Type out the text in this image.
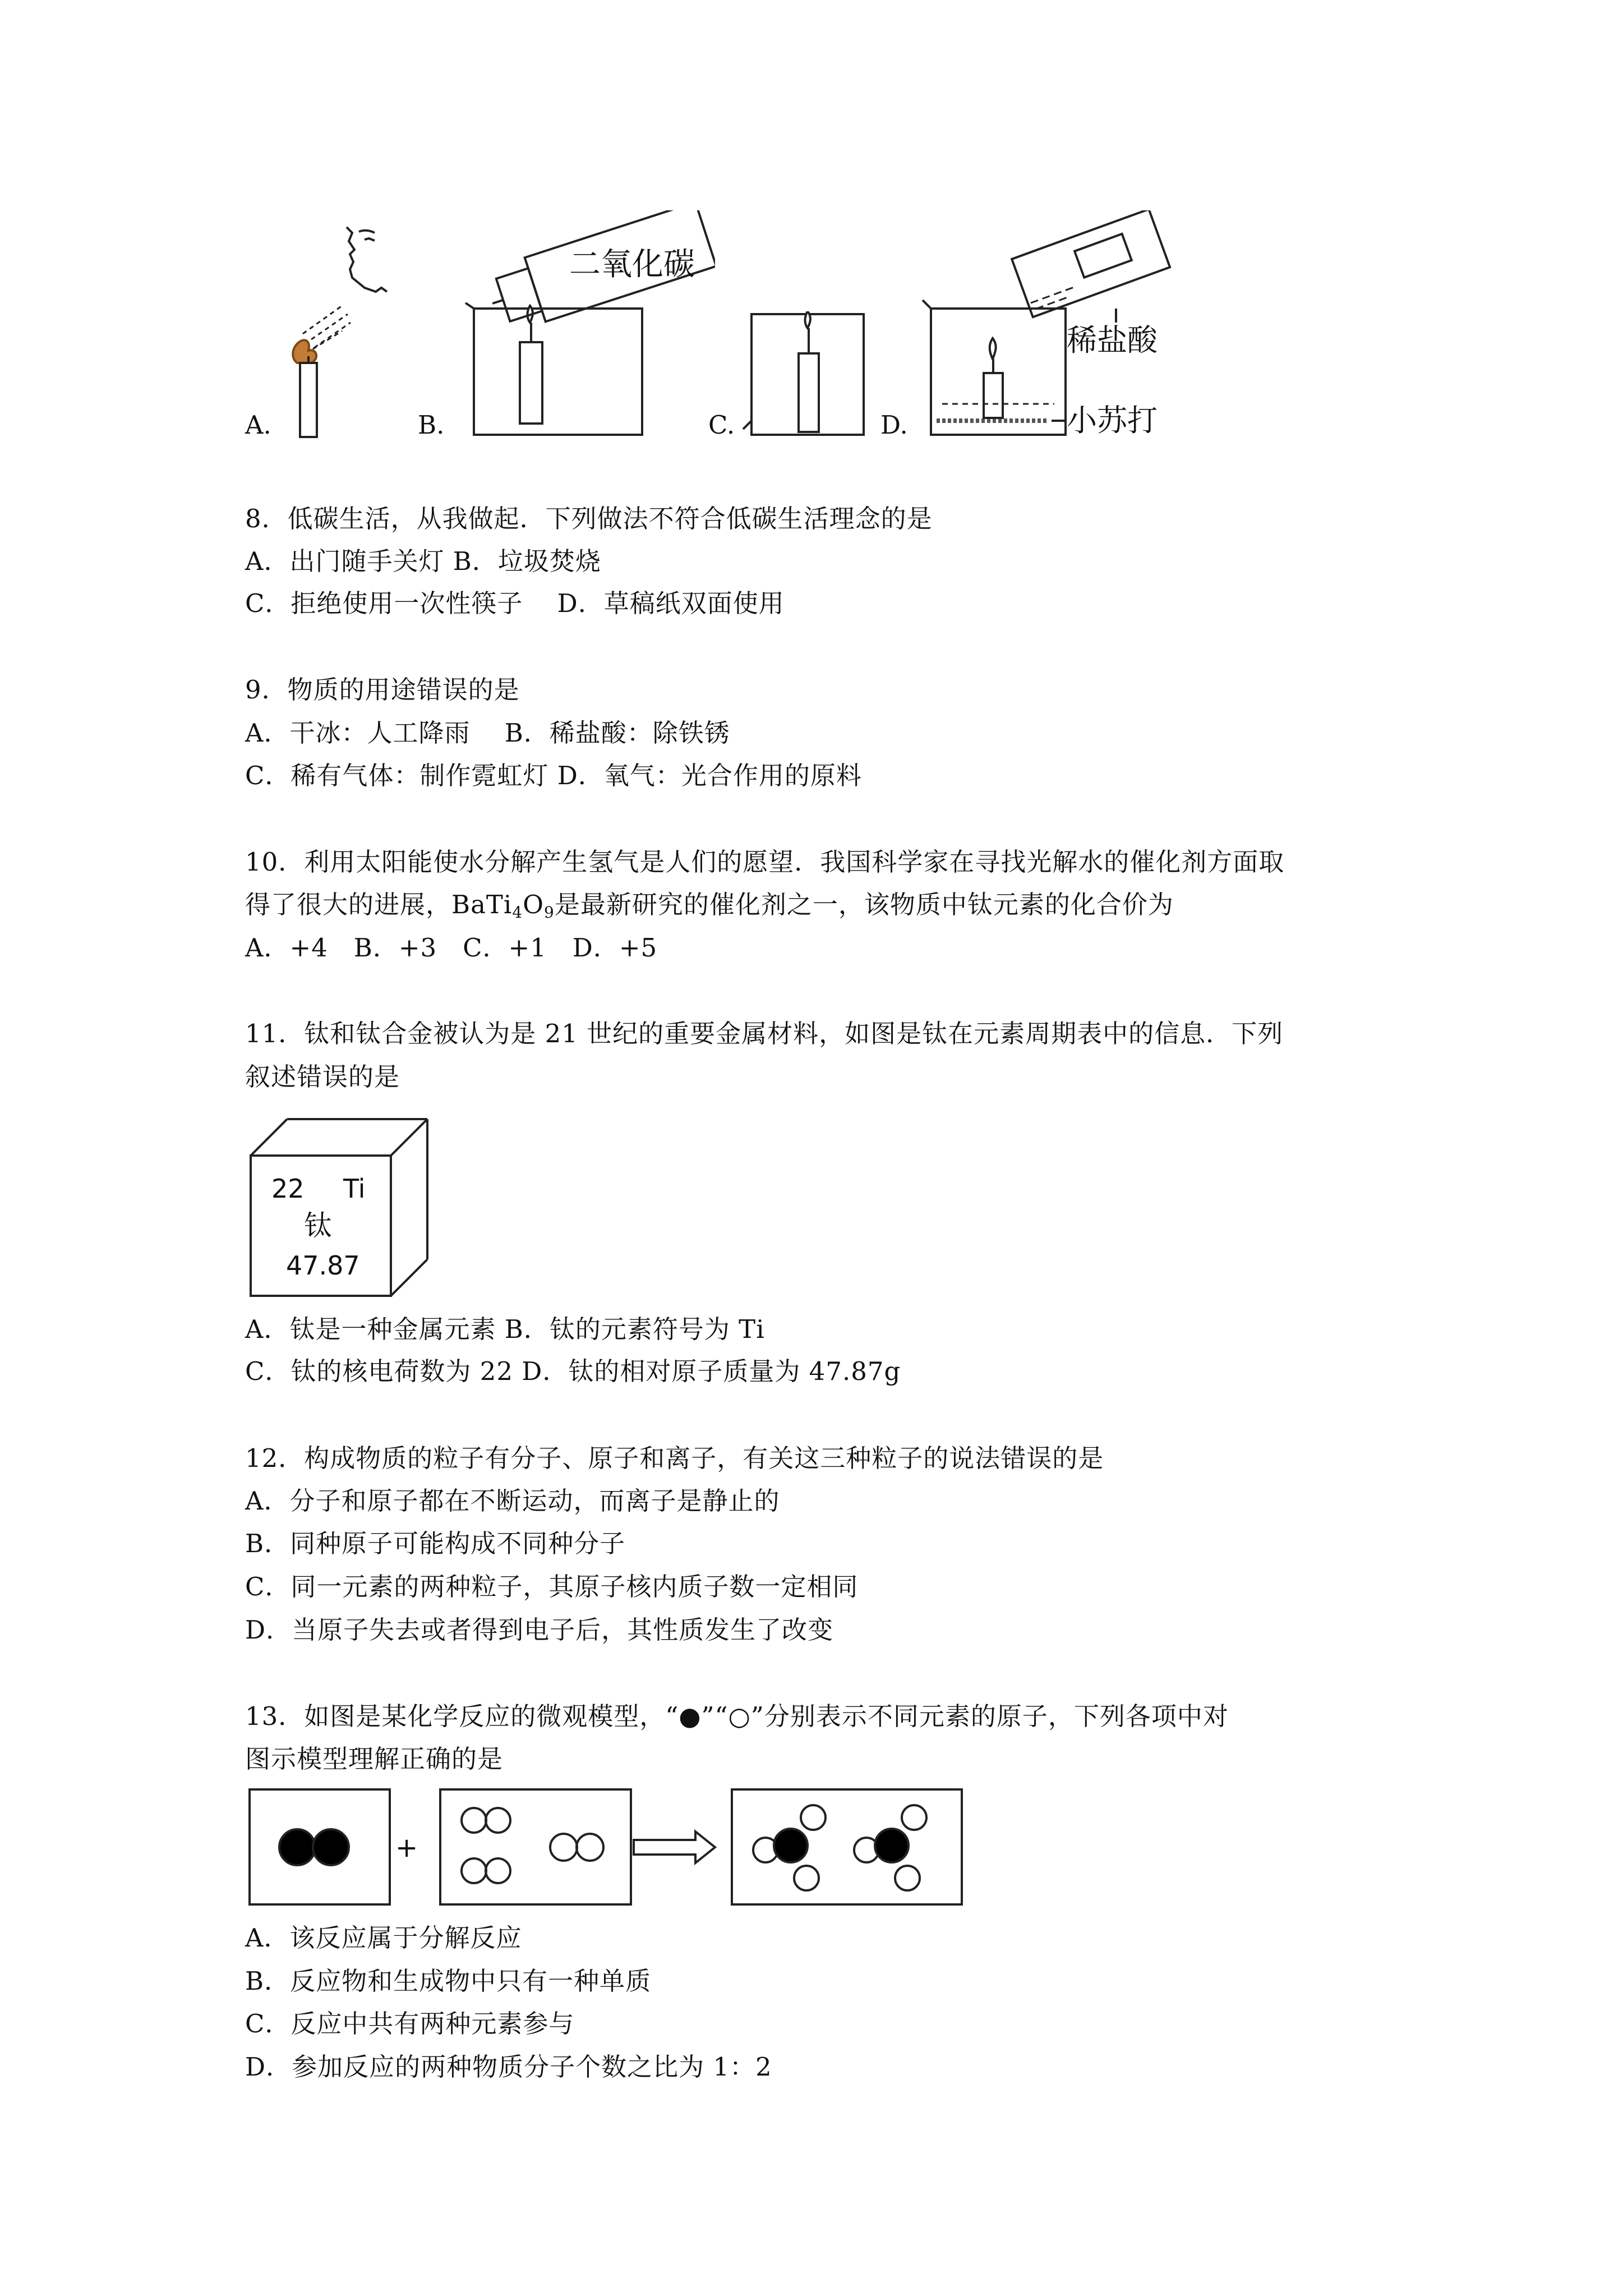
A.	B.	C.	D.
二氧化碳
稀盐酸
小苏打
8．低碳生活，从我做起．下列做法不符合低碳生活理念的是
A．出门随手关灯 B．垃圾焚烧
C．拒绝使用一次性筷子    D．草稿纸双面使用
9．物质的用途错误的是
A．干冰：人工降雨    B．稀盐酸：除铁锈
C．稀有气体：制作霓虹灯 D．氧气：光合作用的原料
10．利用太阳能使水分解产生氢气是人们的愿望．我国科学家在寻找光解水的催化剂方面取
得了很大的进展，$BaTi_4O_9$是最新研究的催化剂之一，该物质中钛元素的化合价为
A．+4   B．+3   C．+1   D．+5
11．钛和钛合金被认为是 21 世纪的重要金属材料，如图是钛在元素周期表中的信息．下列
叙述错误的是
22 Ti
钛
47.87
A．钛是一种金属元素 B．钛的元素符号为 Ti
C．钛的核电荷数为 22 D．钛的相对原子质量为 47.87g
12．构成物质的粒子有分子、原子和离子，有关这三种粒子的说法错误的是
A．分子和原子都在不断运动，而离子是静止的
B．同种原子可能构成不同种分子
C．同一元素的两种粒子，其原子核内质子数一定相同
D．当原子失去或者得到电子后，其性质发生了改变
13．如图是某化学反应的微观模型，“●”“○”分别表示不同元素的原子，下列各项中对
图示模型理解正确的是
+
A．该反应属于分解反应
B．反应物和生成物中只有一种单质
C．反应中共有两种元素参与
D．参加反应的两种物质分子个数之比为 1：2
